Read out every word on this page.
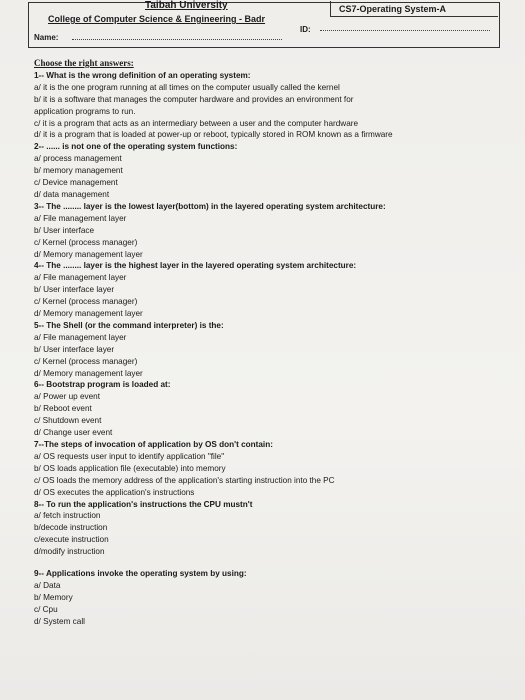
Taibah University
College of Computer Science & Engineering - Badr
CS7-Operating System-A
ID:
Name:
Choose the right answers:
1-- What is the wrong definition of an operating system:
a/ it is the one program running at all times on the computer usually called the kernel
b/ it is a software that manages the computer hardware and provides an environment for
application programs to run.
c/ it is a program that acts as an intermediary between a user and the computer hardware
d/ it is a program that is loaded at power-up or reboot, typically stored in ROM known as a firmware
2-- ...... is not one of the operating system functions:
a/ process management
b/ memory management
c/ Device management
d/ data management
3-- The ........ layer is the lowest layer(bottom) in the layered operating system architecture:
a/ File management layer
b/ User interface
c/ Kernel (process manager)
d/ Memory management layer
4-- The ........ layer is the highest layer in the layered operating system architecture:
a/ File management layer
b/ User interface layer
c/ Kernel (process manager)
d/ Memory management layer
5-- The Shell (or the command interpreter) is the:
a/ File management layer
b/ User interface layer
c/ Kernel (process manager)
d/ Memory management layer
6-- Bootstrap program is loaded at:
a/ Power up event
b/ Reboot event
c/ Shutdown event
d/ Change user event
7--The steps of invocation of application by OS don't contain:
a/ OS requests user input to identify application "file"
b/ OS loads application file (executable) into memory
c/ OS loads the memory address of the application's starting instruction into the PC
d/ OS executes the application's instructions
8-- To run the application's instructions the CPU mustn't
a/ fetch instruction
b/decode instruction
c/execute instruction
d/modify instruction
9-- Applications invoke the operating system by using:
a/ Data
b/ Memory
c/ Cpu
d/ System call
